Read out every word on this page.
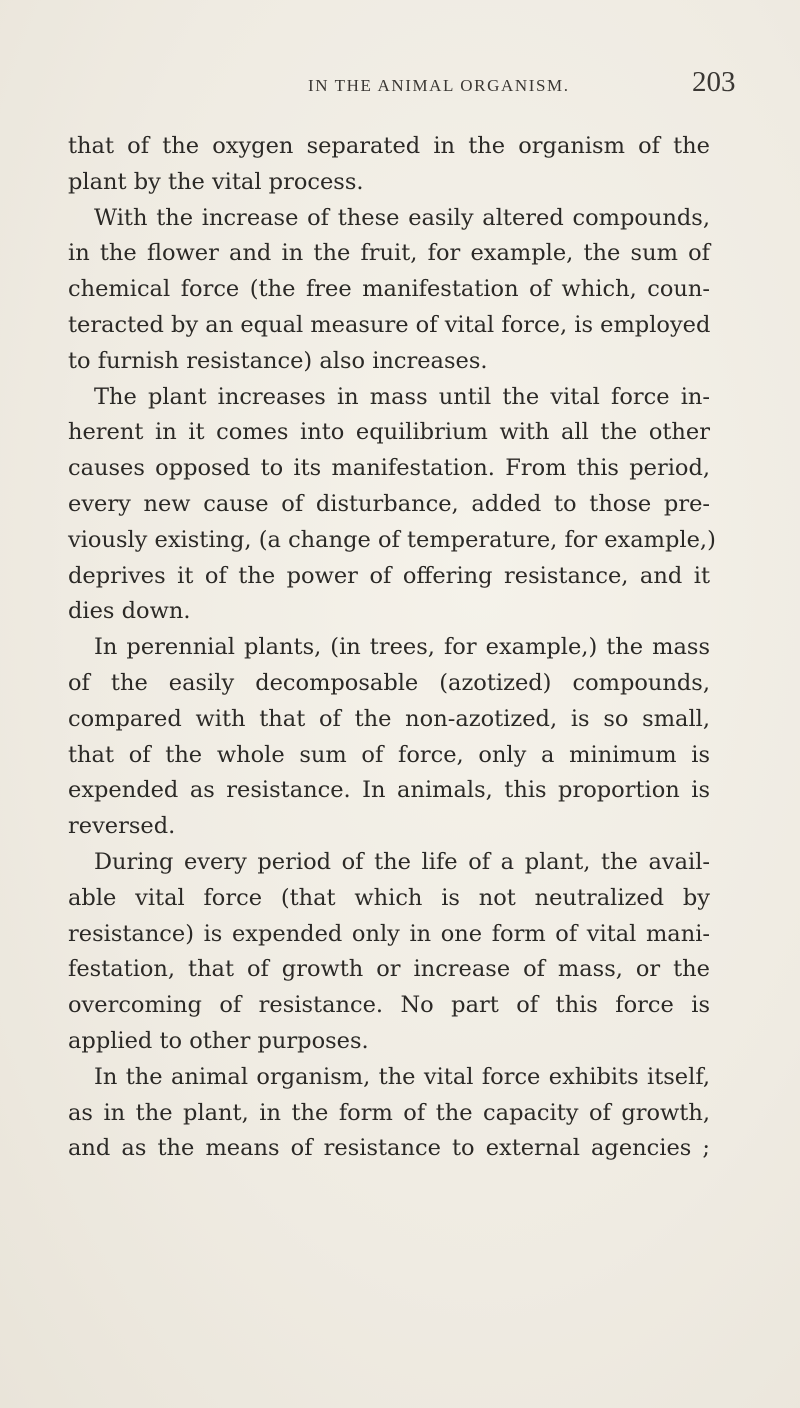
IN THE ANIMAL ORGANISM.	203
that of the oxygen separated in the organism of the
plant by the vital process.
With the increase of these easily altered compounds,
in the flower and in the fruit, for example, the sum of
chemical force (the free manifestation of which, coun-
teracted by an equal measure of vital force, is employed
to furnish resistance) also increases.
The plant increases in mass until the vital force in-
herent in it comes into equilibrium with all the other
causes opposed to its manifestation. From this period,
every new cause of disturbance, added to those pre-
viously existing, (a change of temperature, for example,)
deprives it of the power of offering resistance, and it
dies down.
In perennial plants, (in trees, for example,) the mass
of the easily decomposable (azotized) compounds,
compared with that of the non-azotized, is so small,
that of the whole sum of force, only a minimum is
expended as resistance. In animals, this proportion is
reversed.
During every period of the life of a plant, the avail-
able vital force (that which is not neutralized by
resistance) is expended only in one form of vital mani-
festation, that of growth or increase of mass, or the
overcoming of resistance. No part of this force is
applied to other purposes.
In the animal organism, the vital force exhibits itself,
as in the plant, in the form of the capacity of growth,
and as the means of resistance to external agencies ;
